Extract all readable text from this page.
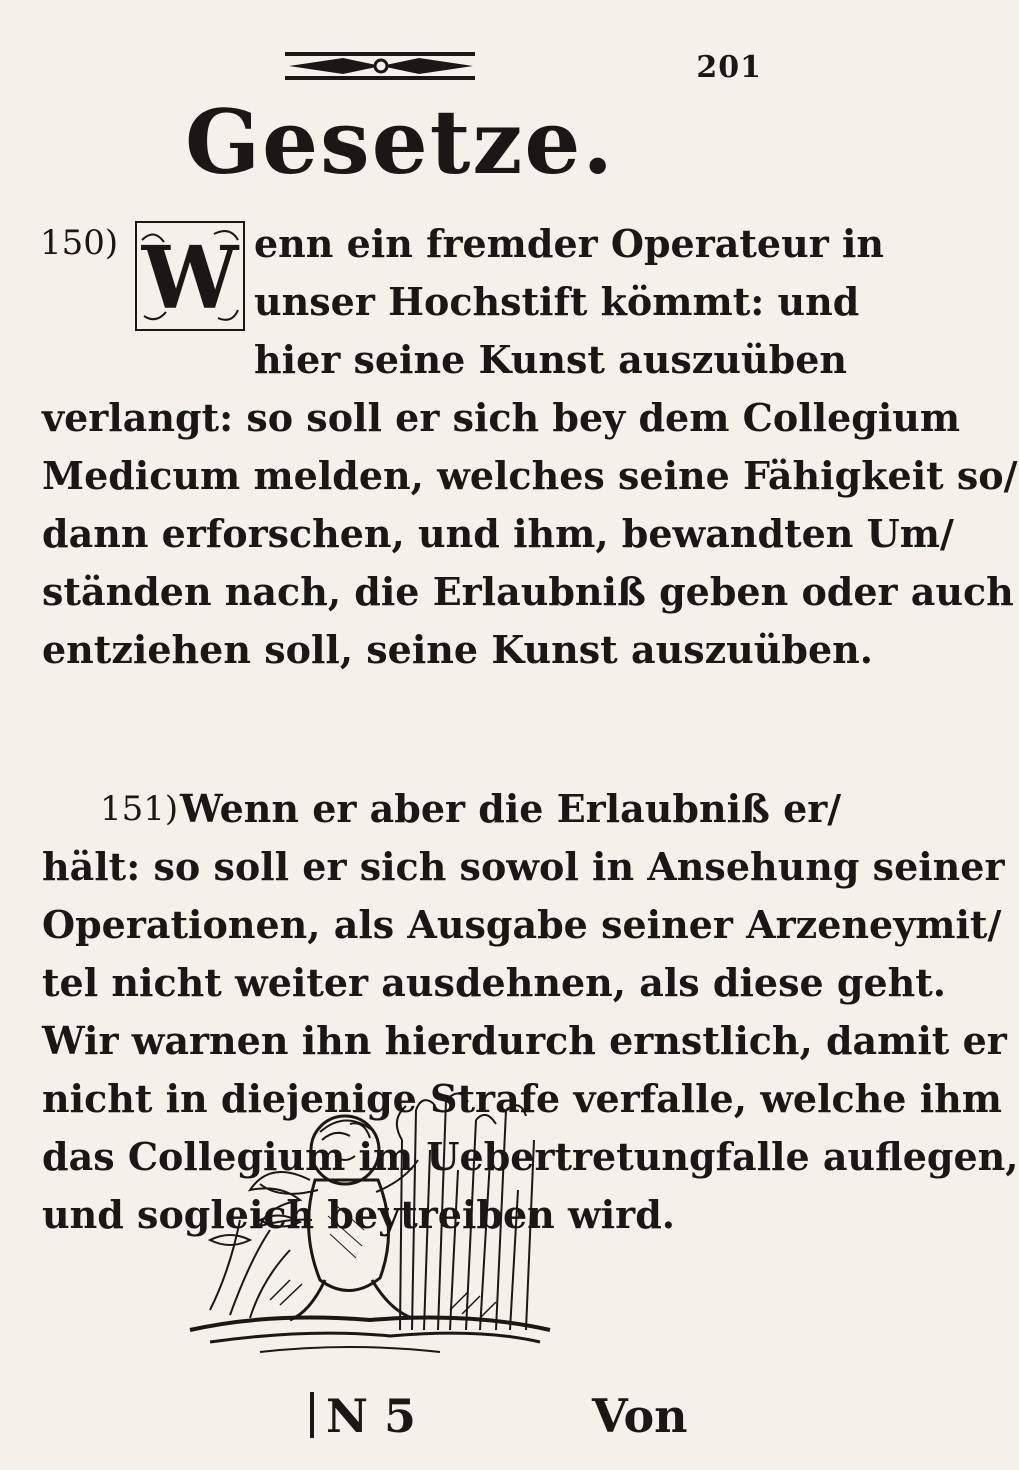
201
Gesetze.
150) W enn ein fremder Operateur in
unser Hochstift kömmt: und
hier seine Kunst auszuüben
verlangt: so soll er sich bey dem Collegium
Medicum melden, welches seine Fähigkeit so/
dann erforschen, und ihm, bewandten Um/
ständen nach, die Erlaubniß geben oder auch
entziehen soll, seine Kunst auszuüben.
151) Wenn er aber die Erlaubniß er/
hält: so soll er sich sowol in Ansehung seiner
Operationen, als Ausgabe seiner Arzeneymit/
tel nicht weiter ausdehnen, als diese geht.
Wir warnen ihn hierdurch ernstlich, damit er
nicht in diejenige Strafe verfalle, welche ihm
das Collegium im Uebertretungfalle auflegen,
und sogleich beytreiben wird.
N 5	Von
